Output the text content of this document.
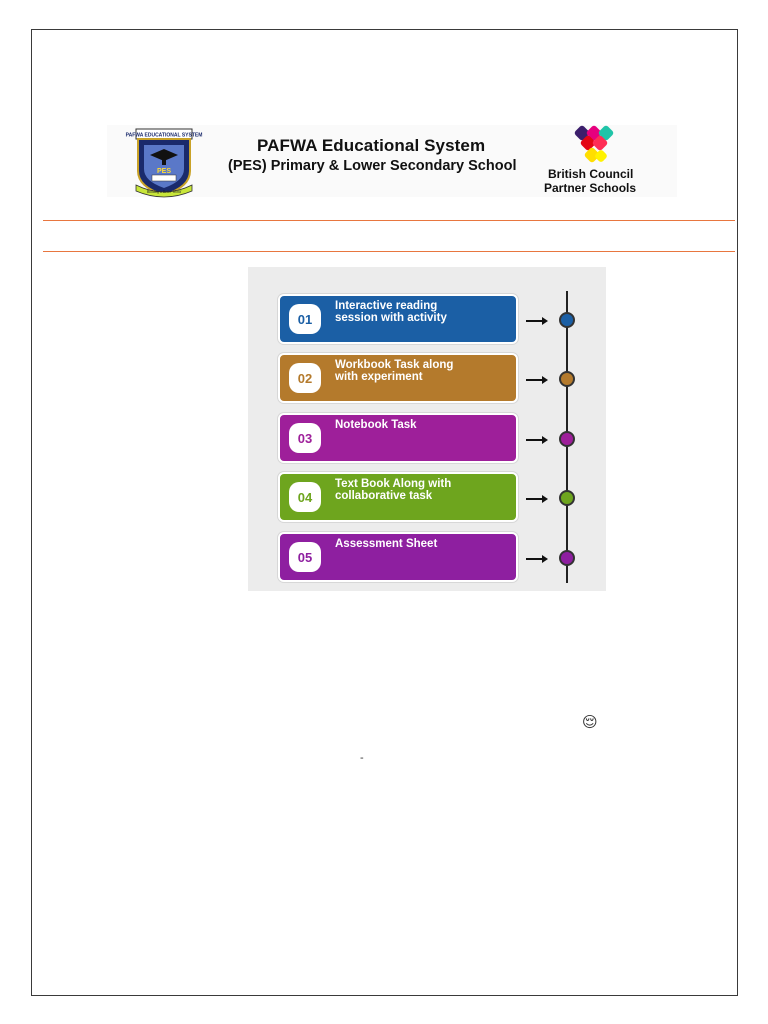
PAFWA EDUCATIONAL SYSTEM
PES
Building a Better World
PAFWA Educational System
(PES) Primary & Lower Secondary School	British Council
Partner Schools
01
Interactive reading
session with activity
02
Workbook Task along
with experiment
03
Notebook Task
04
Text Book Along with
collaborative task
05
Assessment Sheet
😌
-
